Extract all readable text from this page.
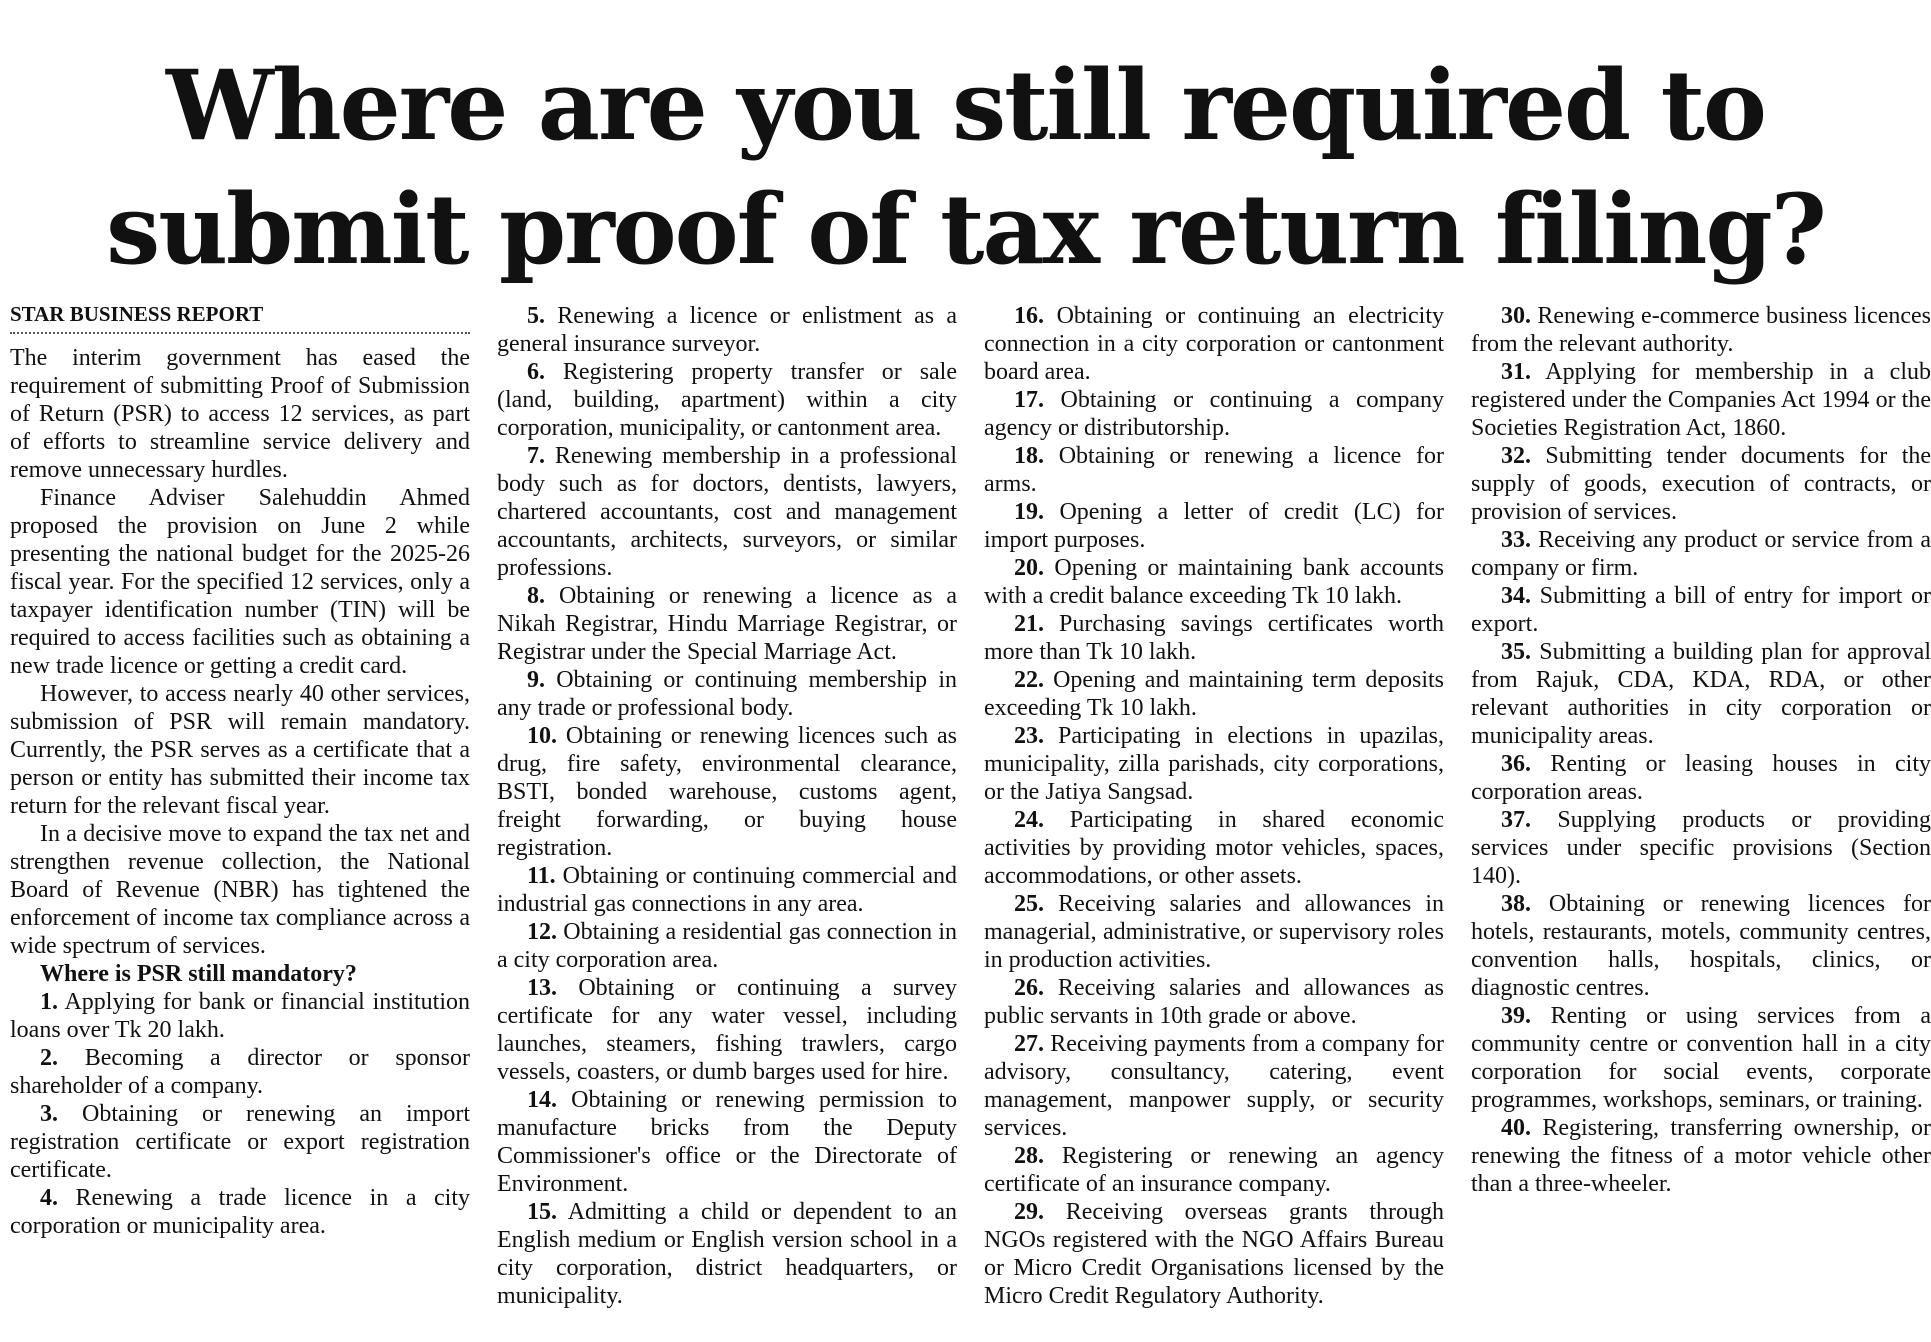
Where are you still required to
submit proof of tax return filing?
STAR BUSINESS REPORT

The interim government has eased the requirement of submitting Proof of Submission of Return (PSR) to access 12 services, as part of efforts to streamline service delivery and remove unnecessary hurdles.

Finance Adviser Salehuddin Ahmed proposed the provision on June 2 while presenting the national budget for the 2025-26 fiscal year. For the specified 12 services, only a taxpayer identification number (TIN) will be required to access facilities such as obtaining a new trade licence or getting a credit card.

However, to access nearly 40 other services, submission of PSR will remain mandatory. Currently, the PSR serves as a certificate that a person or entity has submitted their income tax return for the relevant fiscal year.

In a decisive move to expand the tax net and strengthen revenue collection, the National Board of Revenue (NBR) has tightened the enforcement of income tax compliance across a wide spectrum of services.

Where is PSR still mandatory?

1. Applying for bank or financial institution loans over Tk 20 lakh.

2. Becoming a director or sponsor shareholder of a company.

3. Obtaining or renewing an import registration certificate or export registration certificate.

4. Renewing a trade licence in a city corporation or municipality area.

5. Renewing a licence or enlistment as a general insurance surveyor.

6. Registering property transfer or sale (land, building, apartment) within a city corporation, municipality, or cantonment area.

7. Renewing membership in a professional body such as for doctors, dentists, lawyers, chartered accountants, cost and management accountants, architects, surveyors, or similar professions.

8. Obtaining or renewing a licence as a Nikah Registrar, Hindu Marriage Registrar, or Registrar under the Special Marriage Act.

9. Obtaining or continuing membership in any trade or professional body.

10. Obtaining or renewing licences such as drug, fire safety, environmental clearance, BSTI, bonded warehouse, customs agent, freight forwarding, or buying house registration.

11. Obtaining or continuing commercial and industrial gas connections in any area.

12. Obtaining a residential gas connection in a city corporation area.

13. Obtaining or continuing a survey certificate for any water vessel, including launches, steamers, fishing trawlers, cargo vessels, coasters, or dumb barges used for hire.

14. Obtaining or renewing permission to manufacture bricks from the Deputy Commissioner's office or the Directorate of Environment.

15. Admitting a child or dependent to an English medium or English version school in a city corporation, district headquarters, or municipality.

16. Obtaining or continuing an electricity connection in a city corporation or cantonment board area.

17. Obtaining or continuing a company agency or distributorship.

18. Obtaining or renewing a licence for arms.

19. Opening a letter of credit (LC) for import purposes.

20. Opening or maintaining bank accounts with a credit balance exceeding Tk 10 lakh.

21. Purchasing savings certificates worth more than Tk 10 lakh.

22. Opening and maintaining term deposits exceeding Tk 10 lakh.

23. Participating in elections in upazilas, municipality, zilla parishads, city corporations, or the Jatiya Sangsad.

24. Participating in shared economic activities by providing motor vehicles, spaces, accommodations, or other assets.

25. Receiving salaries and allowances in managerial, administrative, or supervisory roles in production activities.

26. Receiving salaries and allowances as public servants in 10th grade or above.

27. Receiving payments from a company for advisory, consultancy, catering, event management, manpower supply, or security services.

28. Registering or renewing an agency certificate of an insurance company.

29. Receiving overseas grants through NGOs registered with the NGO Affairs Bureau or Micro Credit Organisations licensed by the Micro Credit Regulatory Authority.

30. Renewing e-commerce business licences from the relevant authority.

31. Applying for membership in a club registered under the Companies Act 1994 or the Societies Registration Act, 1860.

32. Submitting tender documents for the supply of goods, execution of contracts, or provision of services.

33. Receiving any product or service from a company or firm.

34. Submitting a bill of entry for import or export.

35. Submitting a building plan for approval from Rajuk, CDA, KDA, RDA, or other relevant authorities in city corporation or municipality areas.

36. Renting or leasing houses in city corporation areas.

37. Supplying products or providing services under specific provisions (Section 140).

38. Obtaining or renewing licences for hotels, restaurants, motels, community centres, convention halls, hospitals, clinics, or diagnostic centres.

39. Renting or using services from a community centre or convention hall in a city corporation for social events, corporate programmes, workshops, seminars, or training.

40. Registering, transferring ownership, or renewing the fitness of a motor vehicle other than a three-wheeler.
